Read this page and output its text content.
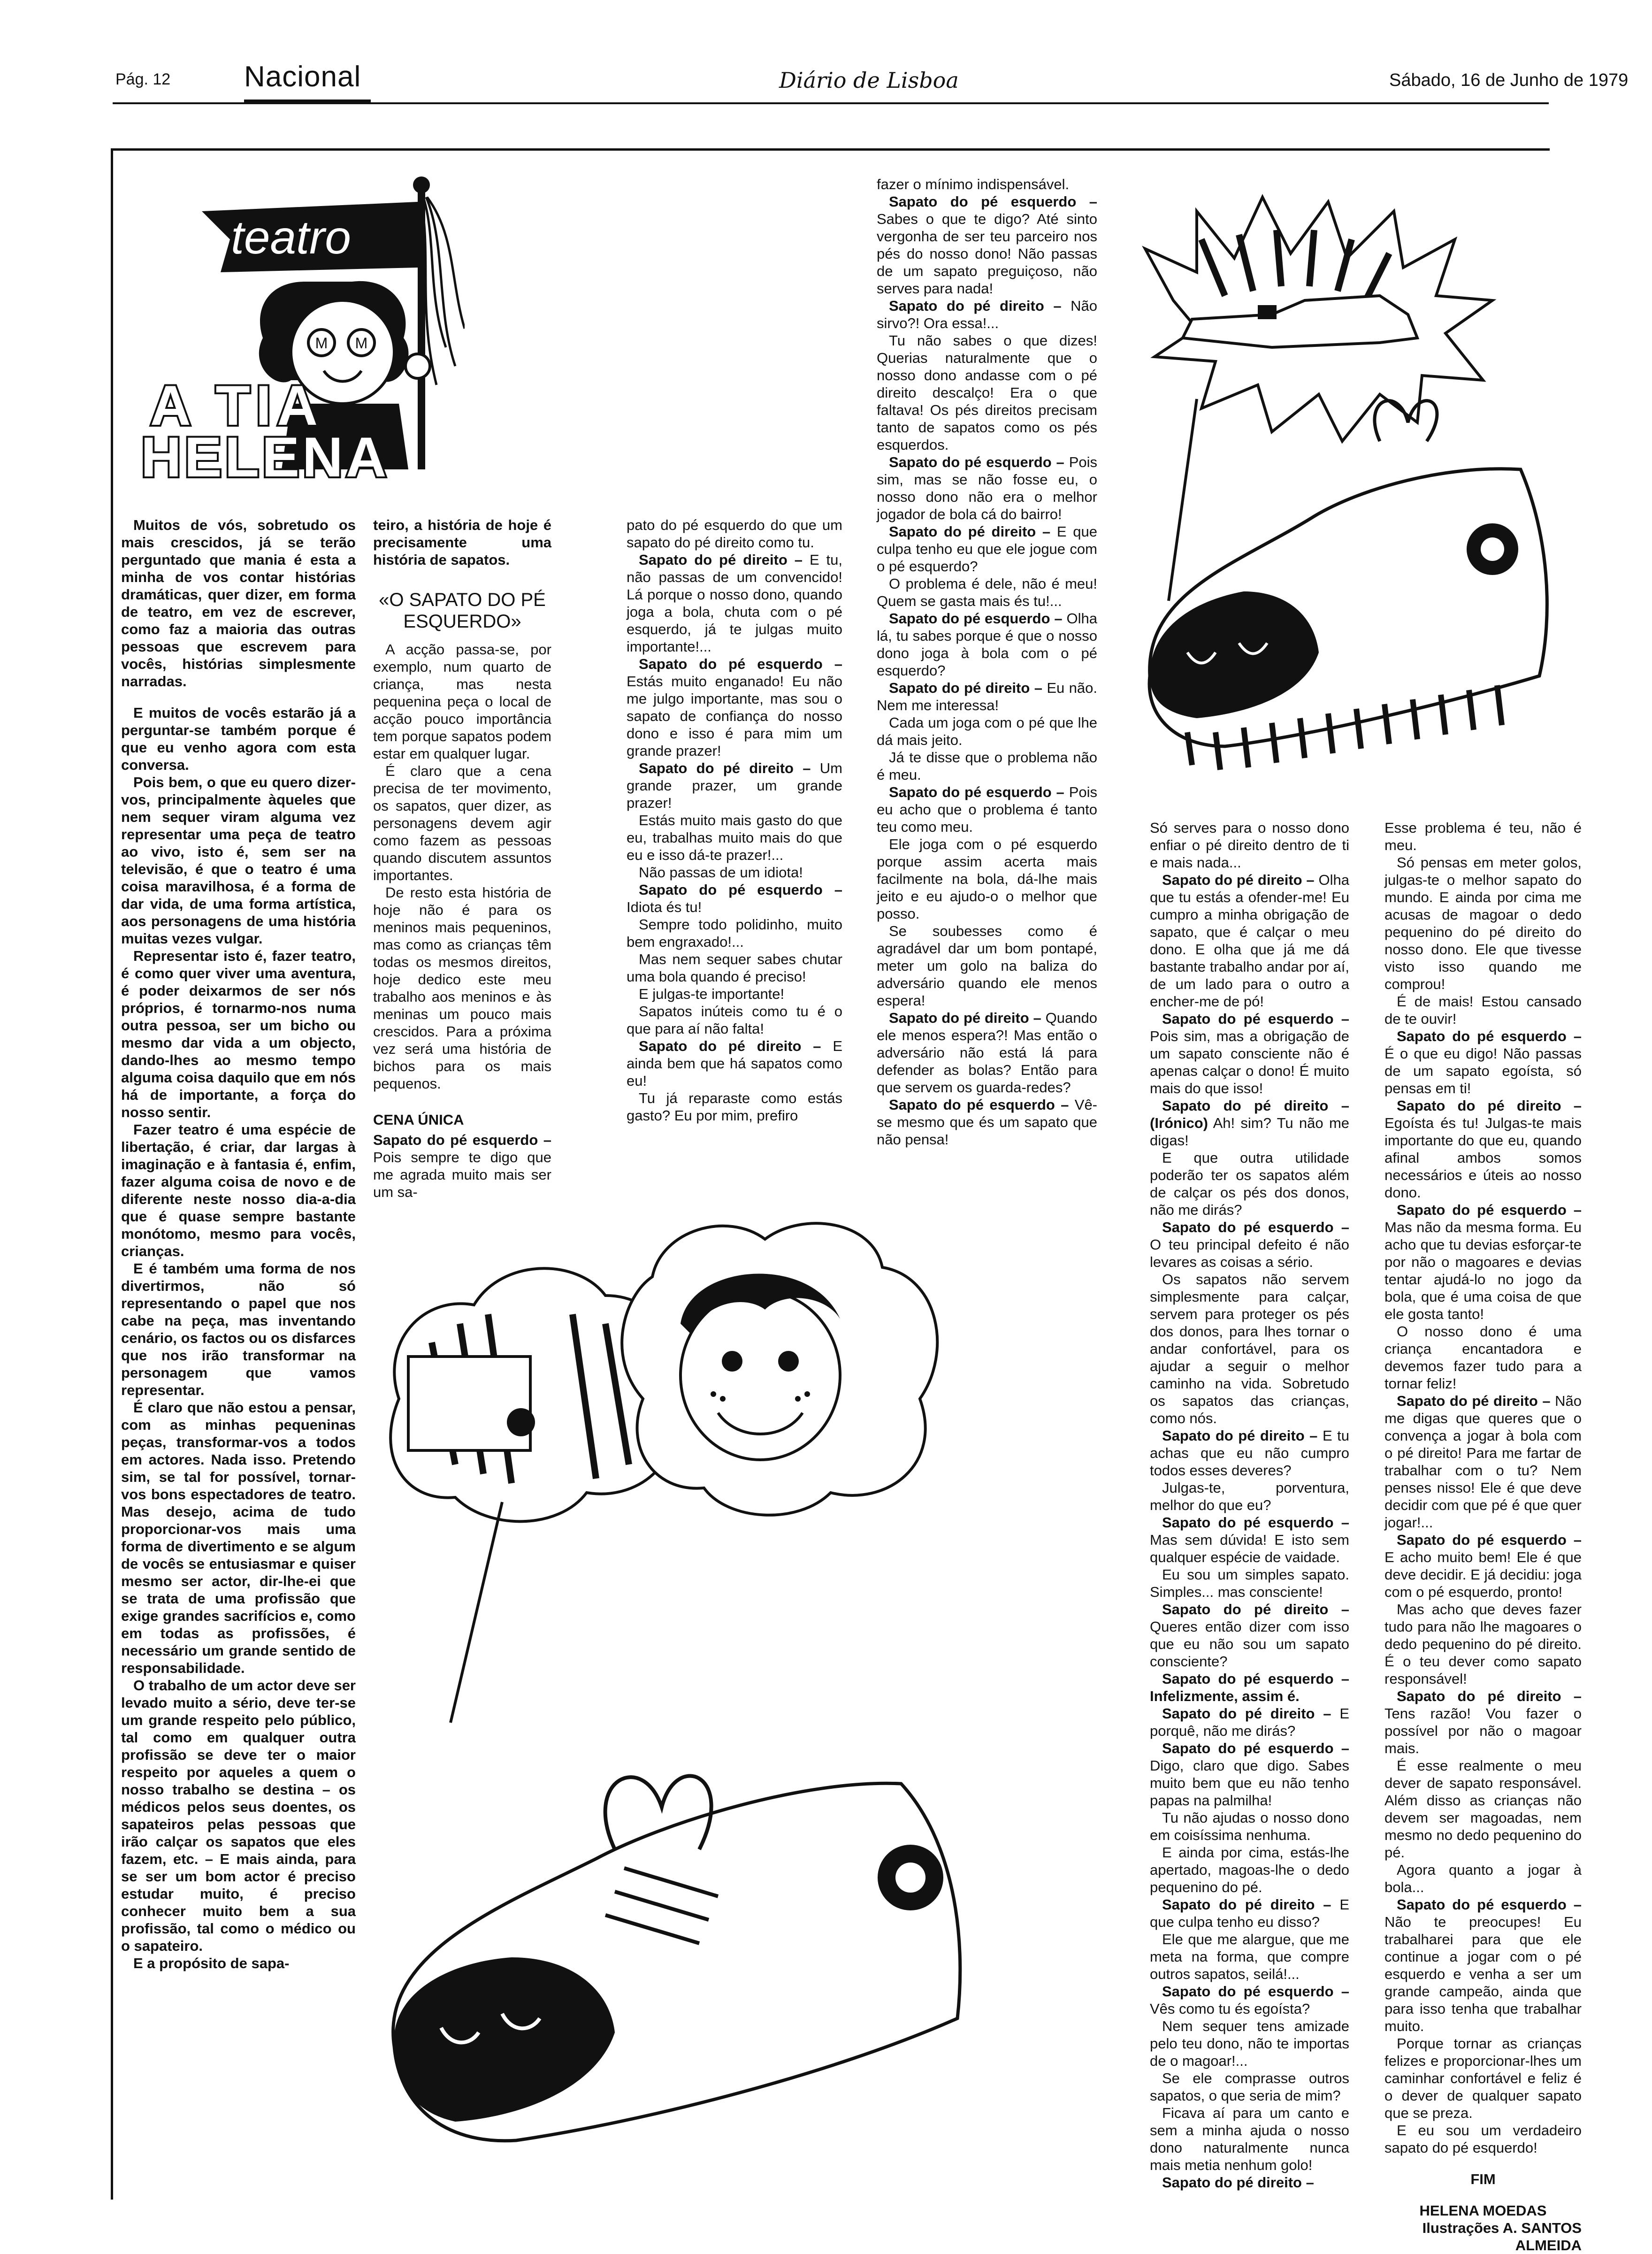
Pág. 12	Nacional	Diário de Lisboa	Sábado, 16 de Junho de 1979
teatro
M M
A TIA
HELENA

Muitos de vós, sobretudo os mais crescidos, já se terão perguntado que mania é esta a minha de vos contar histórias dramáticas, quer dizer, em forma de teatro, em vez de escrever, como faz a maioria das outras pessoas que escrevem para vocês, histórias simplesmente narradas.

E muitos de vocês estarão já a perguntar-se também porque é que eu venho agora com esta conversa.

Pois bem, o que eu quero dizer-vos, principalmente àqueles que nem sequer viram alguma vez representar uma peça de teatro ao vivo, isto é, sem ser na televisão, é que o teatro é uma coisa maravilhosa, é a forma de dar vida, de uma forma artística, aos personagens de uma história muitas vezes vulgar.

Representar isto é, fazer teatro, é como quer viver uma aventura, é poder deixarmos de ser nós próprios, é tornarmo-nos numa outra pessoa, ser um bicho ou mesmo dar vida a um objecto, dando-lhes ao mesmo tempo alguma coisa daquilo que em nós há de importante, a força do nosso sentir.

Fazer teatro é uma espécie de libertação, é criar, dar largas à imaginação e à fantasia é, enfim, fazer alguma coisa de novo e de diferente neste nosso dia-a-dia que é quase sempre bastante monótomo, mesmo para vocês, crianças.

E é também uma forma de nos divertirmos, não só representando o papel que nos cabe na peça, mas inventando cenário, os factos ou os disfarces que nos irão transformar na personagem que vamos representar.

É claro que não estou a pensar, com as minhas pequeninas peças, transformar-vos a todos em actores. Nada isso. Pretendo sim, se tal for possível, tornar-vos bons espectadores de teatro. Mas desejo, acima de tudo proporcionar-vos mais uma forma de divertimento e se algum de vocês se entusiasmar e quiser mesmo ser actor, dir-lhe-ei que se trata de uma profissão que exige grandes sacrifícios e, como em todas as profissões, é necessário um grande sentido de responsabilidade.

O trabalho de um actor deve ser levado muito a sério, deve ter-se um grande respeito pelo público, tal como em qualquer outra profissão se deve ter o maior respeito por aqueles a quem o nosso trabalho se destina – os médicos pelos seus doentes, os sapateiros pelas pessoas que irão calçar os sapatos que eles fazem, etc. – E mais ainda, para se ser um bom actor é preciso estudar muito, é preciso conhecer muito bem a sua profissão, tal como o médico ou o sapateiro.

E a propósito de sapa-

teiro, a história de hoje é precisamente uma história de sapatos.

«O SAPATO DO PÉ ESQUERDO»

A acção passa-se, por exemplo, num quarto de criança, mas nesta pequenina peça o local de acção pouco importância tem porque sapatos podem estar em qualquer lugar.

É claro que a cena precisa de ter movimento, os sapatos, quer dizer, as personagens devem agir como fazem as pessoas quando discutem assuntos importantes.

De resto esta história de hoje não é para os meninos mais pequeninos, mas como as crianças têm todas os mesmos direitos, hoje dedico este meu trabalho aos meninos e às meninas um pouco mais crescidos. Para a próxima vez será uma história de bichos para os mais pequenos.

CENA ÚNICA

Sapato do pé esquerdo – Pois sempre te digo que me agrada muito mais ser um sa-

pato do pé esquerdo do que um sapato do pé direito como tu.

Sapato do pé direito – E tu, não passas de um convencido! Lá porque o nosso dono, quando joga a bola, chuta com o pé esquerdo, já te julgas muito importante!...

Sapato do pé esquerdo – Estás muito enganado! Eu não me julgo importante, mas sou o sapato de confiança do nosso dono e isso é para mim um grande prazer!

Sapato do pé direito – Um grande prazer, um grande prazer!

Estás muito mais gasto do que eu, trabalhas muito mais do que eu e isso dá-te prazer!...

Não passas de um idiota!

Sapato do pé esquerdo – Idiota és tu!

Sempre todo polidinho, muito bem engraxado!...

Mas nem sequer sabes chutar uma bola quando é preciso!

E julgas-te importante!

Sapatos inúteis como tu é o que para aí não falta!

Sapato do pé direito – E ainda bem que há sapatos como eu!

Tu já reparaste como estás gasto? Eu por mim, prefiro

fazer o mínimo indispensável.

Sapato do pé esquerdo – Sabes o que te digo? Até sinto vergonha de ser teu parceiro nos pés do nosso dono! Não passas de um sapato preguiçoso, não serves para nada!

Sapato do pé direito – Não sirvo?! Ora essa!...

Tu não sabes o que dizes! Querias naturalmente que o nosso dono andasse com o pé direito descalço! Era o que faltava! Os pés direitos precisam tanto de sapatos como os pés esquerdos.

Sapato do pé esquerdo – Pois sim, mas se não fosse eu, o nosso dono não era o melhor jogador de bola cá do bairro!

Sapato do pé direito – E que culpa tenho eu que ele jogue com o pé esquerdo?

O problema é dele, não é meu! Quem se gasta mais és tu!...

Sapato do pé esquerdo – Olha lá, tu sabes porque é que o nosso dono joga à bola com o pé esquerdo?

Sapato do pé direito – Eu não. Nem me interessa!

Cada um joga com o pé que lhe dá mais jeito.

Já te disse que o problema não é meu.

Sapato do pé esquerdo – Pois eu acho que o problema é tanto teu como meu.

Ele joga com o pé esquerdo porque assim acerta mais facilmente na bola, dá-lhe mais jeito e eu ajudo-o o melhor que posso.

Se soubesses como é agradável dar um bom pontapé, meter um golo na baliza do adversário quando ele menos espera!

Sapato do pé direito – Quando ele menos espera?! Mas então o adversário não está lá para defender as bolas? Então para que servem os guarda-redes?

Sapato do pé esquerdo – Vê-se mesmo que és um sapato que não pensa!

Só serves para o nosso dono enfiar o pé direito dentro de ti e mais nada...

Sapato do pé direito – Olha que tu estás a ofender-me! Eu cumpro a minha obrigação de sapato, que é calçar o meu dono. E olha que já me dá bastante trabalho andar por aí, de um lado para o outro a encher-me de pó!

Sapato do pé esquerdo – Pois sim, mas a obrigação de um sapato consciente não é apenas calçar o dono! É muito mais do que isso!

Sapato do pé direito – (Irónico) Ah! sim? Tu não me digas!

E que outra utilidade poderão ter os sapatos além de calçar os pés dos donos, não me dirás?

Sapato do pé esquerdo – O teu principal defeito é não levares as coisas a sério.

Os sapatos não servem simplesmente para calçar, servem para proteger os pés dos donos, para lhes tornar o andar confortável, para os ajudar a seguir o melhor caminho na vida. Sobretudo os sapatos das crianças, como nós.

Sapato do pé direito – E tu achas que eu não cumpro todos esses deveres?

Julgas-te, porventura, melhor do que eu?

Sapato do pé esquerdo – Mas sem dúvida! E isto sem qualquer espécie de vaidade.

Eu sou um simples sapato. Simples... mas consciente!

Sapato do pé direito – Queres então dizer com isso que eu não sou um sapato consciente?

Sapato do pé esquerdo – Infelizmente, assim é.

Sapato do pé direito – E porquê, não me dirás?

Sapato do pé esquerdo – Digo, claro que digo. Sabes muito bem que eu não tenho papas na palmilha!

Tu não ajudas o nosso dono em coisíssima nenhuma.

E ainda por cima, estás-lhe apertado, magoas-lhe o dedo pequenino do pé.

Sapato do pé direito – E que culpa tenho eu disso?

Ele que me alargue, que me meta na forma, que compre outros sapatos, seilá!...

Sapato do pé esquerdo – Vês como tu és egoísta?

Nem sequer tens amizade pelo teu dono, não te importas de o magoar!...

Se ele comprasse outros sapatos, o que seria de mim?

Ficava aí para um canto e sem a minha ajuda o nosso dono naturalmente nunca mais metia nenhum golo!

Sapato do pé direito –

Esse problema é teu, não é meu.

Só pensas em meter golos, julgas-te o melhor sapato do mundo. E ainda por cima me acusas de magoar o dedo pequenino do pé direito do nosso dono. Ele que tivesse visto isso quando me comprou!

É de mais! Estou cansado de te ouvir!

Sapato do pé esquerdo – É o que eu digo! Não passas de um sapato egoísta, só pensas em ti!

Sapato do pé direito – Egoísta és tu! Julgas-te mais importante do que eu, quando afinal ambos somos necessários e úteis ao nosso dono.

Sapato do pé esquerdo – Mas não da mesma forma. Eu acho que tu devias esforçar-te por não o magoares e devias tentar ajudá-lo no jogo da bola, que é uma coisa de que ele gosta tanto!

O nosso dono é uma criança encantadora e devemos fazer tudo para a tornar feliz!

Sapato do pé direito – Não me digas que queres que o convença a jogar à bola com o pé direito! Para me fartar de trabalhar com o tu? Nem penses nisso! Ele é que deve decidir com que pé é que quer jogar!...

Sapato do pé esquerdo – E acho muito bem! Ele é que deve decidir. E já decidiu: joga com o pé esquerdo, pronto!

Mas acho que deves fazer tudo para não lhe magoares o dedo pequenino do pé direito. É o teu dever como sapato responsável!

Sapato do pé direito – Tens razão! Vou fazer o possível por não o magoar mais.

É esse realmente o meu dever de sapato responsável. Além disso as crianças não devem ser magoadas, nem mesmo no dedo pequenino do pé.

Agora quanto a jogar à bola...

Sapato do pé esquerdo – Não te preocupes! Eu trabalharei para que ele continue a jogar com o pé esquerdo e venha a ser um grande campeão, ainda que para isso tenha que trabalhar muito.

Porque tornar as crianças felizes e proporcionar-lhes um caminhar confortável e feliz é o dever de qualquer sapato que se preza.

E eu sou um verdadeiro sapato do pé esquerdo!

FIM

HELENA MOEDAS

Ilustrações A. SANTOS ALMEIDA
